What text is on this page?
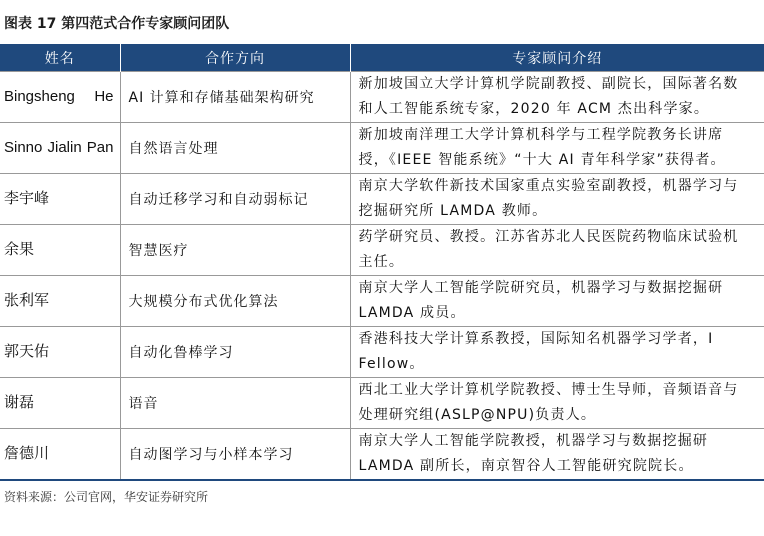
图表 17 第四范式合作专家顾问团队
姓名	合作方向	专家顾问介绍
Bingsheng He	AI 计算和存储基础架构研究	新加坡国立大学计算机学院副教授、副院长，国际著名数
和人工智能系统专家，2020 年 ACM 杰出科学家。

Sinno Jialin Pan	自然语言处理	新加坡南洋理工大学计算机科学与工程学院教务长讲席
授，《IEEE 智能系统》“十大 AI 青年科学家”获得者。

李宇峰	自动迁移学习和自动弱标记	南京大学软件新技术国家重点实验室副教授，机器学习与
挖掘研究所 LAMDA 教师。

余果	智慧医疗	药学研究员、教授。江苏省苏北人民医院药物临床试验机
主任。

张利军	大规模分布式优化算法	南京大学人工智能学院研究员，机器学习与数据挖掘研
LAMDA 成员。

郭天佑	自动化鲁棒学习	香港科技大学计算系教授，国际知名机器学习学者，I
Fellow。

谢磊	语音	西北工业大学计算机学院教授、博士生导师，音频语音与
处理研究组(ASLP@NPU)负责人。

詹德川	自动图学习与小样本学习	南京大学人工智能学院教授，机器学习与数据挖掘研
LAMDA 副所长，南京智谷人工智能研究院院长。
资料来源：公司官网，华安证券研究所
